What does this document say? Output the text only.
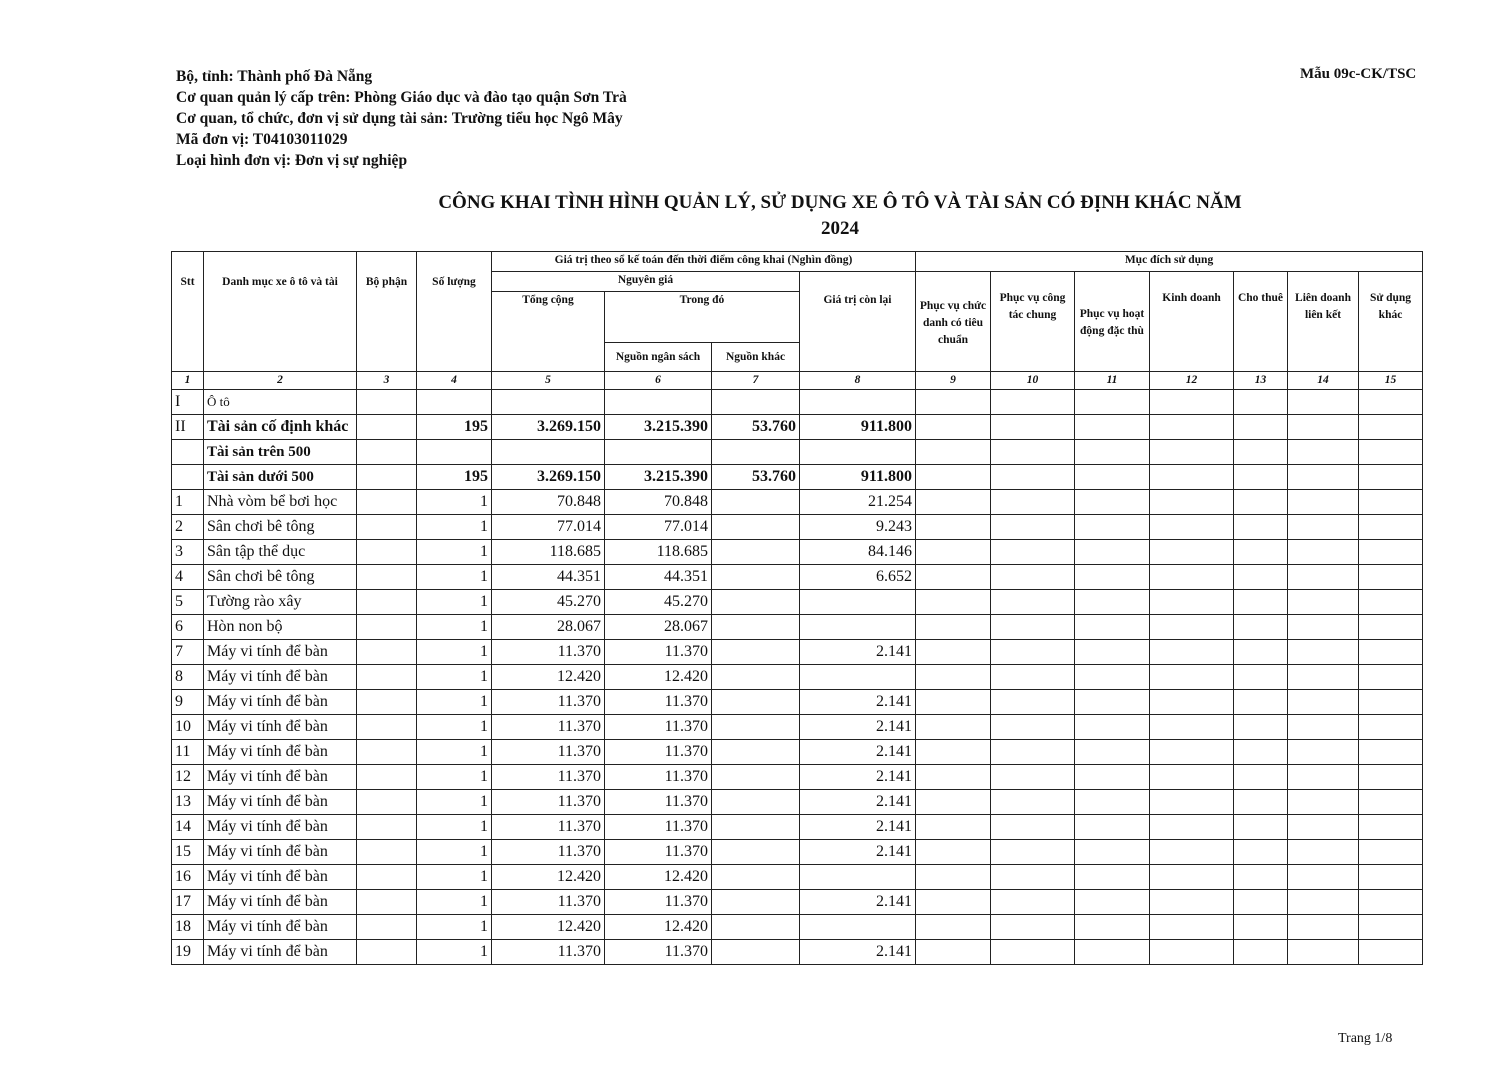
Bộ, tỉnh: Thành phố Đà Nẵng
Cơ quan quản lý cấp trên: Phòng Giáo dục và đào tạo quận Sơn Trà
Cơ quan, tổ chức, đơn vị sử dụng tài sản: Trường tiểu học Ngô Mây
Mã đơn vị: T04103011029
Loại hình đơn vị: Đơn vị sự nghiệp
Mẫu 09c-CK/TSC
CÔNG KHAI TÌNH HÌNH QUẢN LÝ, SỬ DỤNG XE Ô TÔ VÀ TÀI SẢN CÓ ĐỊNH KHÁC NĂM
2024
Stt	Danh mục xe ô tô và tài	Bộ phận	Số lượng	Giá trị theo sổ kế toán đến thời điểm công khai (Nghìn đồng)				Mục đích sử dụng						
				Nguyên giá			Giá trị còn lại	Phục vụ chức danh có tiêu chuẩn	Phục vụ công tác chung	Phục vụ hoạt động đặc thù	Kinh doanh	Cho thuê	Liên doanh liên kết	Sử dụng khác
				Tổng cộng	Trong đó									
					Nguồn ngân sách	Nguồn khác								
1	2	3	4	5	6	7	8	9	10	11	12	13	14	15
I	Ô tô													
II	Tài sản cố định khác		195	3.269.150	3.215.390	53.760	911.800							
	Tài sản trên 500													
	Tài sản dưới 500		195	3.269.150	3.215.390	53.760	911.800							
1	Nhà vòm bể bơi học		1	70.848	70.848		21.254							
2	Sân chơi bê tông		1	77.014	77.014		9.243							
3	Sân tập thể dục		1	118.685	118.685		84.146							
4	Sân chơi bê tông		1	44.351	44.351		6.652							
5	Tường rào xây		1	45.270	45.270									
6	Hòn non bộ		1	28.067	28.067									
7	Máy vi tính để bàn		1	11.370	11.370		2.141							
8	Máy vi tính để bàn		1	12.420	12.420									
9	Máy vi tính để bàn		1	11.370	11.370		2.141							
10	Máy vi tính để bàn		1	11.370	11.370		2.141							
11	Máy vi tính để bàn		1	11.370	11.370		2.141							
12	Máy vi tính để bàn		1	11.370	11.370		2.141							
13	Máy vi tính để bàn		1	11.370	11.370		2.141							
14	Máy vi tính để bàn		1	11.370	11.370		2.141							
15	Máy vi tính để bàn		1	11.370	11.370		2.141							
16	Máy vi tính để bàn		1	12.420	12.420									
17	Máy vi tính để bàn		1	11.370	11.370		2.141							
18	Máy vi tính để bàn		1	12.420	12.420									
19	Máy vi tính để bàn		1	11.370	11.370		2.141							
Trang 1/8
